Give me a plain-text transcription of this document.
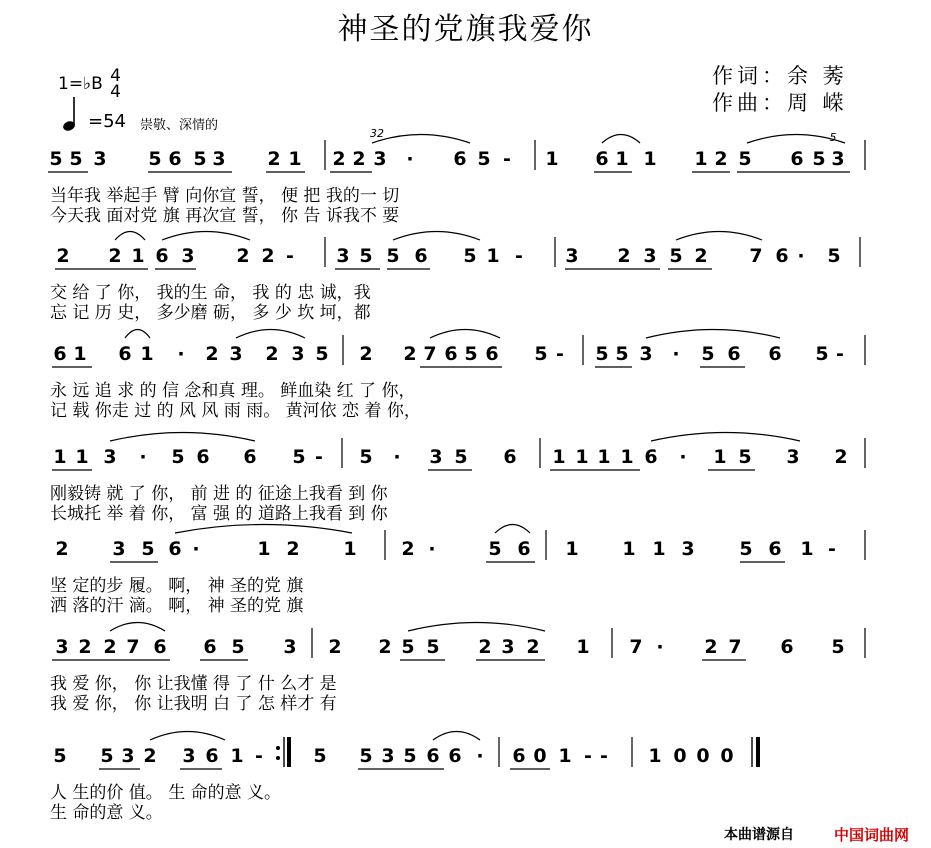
神圣的党旗我爱你
作词：余 莠
作曲：周 嵘
1=♭B 4
4
=54 崇敬、深情的
5 5 3 5 6 5 3 2 1 2 2 3 · 6 5 - 1 6 1 1 1 2 5 6 5 3
32	5
当年我 举起手 臂 向你宣 誓， 便 把 我的一 切
今天我 面对党 旗 再次宣 誓， 你 告 诉我不 要
2 2 1 6 3 2 2 - 3 5 5 6 5 1 - 3 2 3 5 2 7 6 · 5
交 给 了 你， 我的生 命， 我 的 忠 诚，我
忘 记 历 史， 多少磨 砺， 多 少 坎 坷，都
6 1 6 1 · 2 3 2 3 5 2 2 7 6 5 6 5 - 5 5 3 · 5 6 6 5 -
永 远 追 求 的 信 念和真 理。 鲜血染 红 了 你，
记 载 你走 过 的 风 风 雨 雨。 黄河依 恋 着 你，
1 1 3 · 5 6 6 5 - 5 · 3 5 6 1 1 1 1 6 · 1 5 3 2
刚毅铸 就 了 你， 前 进 的 征途上我看 到 你
长城托 举 着 你， 富 强 的 道路上我看 到 你
2 3 5 6 ·	1 2 1 2 ·	5 6 1 1 1 3 5 6 1 -
坚 定的步 履。 啊， 神 圣的党 旗
洒 落的汗 滴。 啊， 神 圣的党 旗
3 2 2 7 6 6 5 3 2 2 5 5 2 3 2 1 7 · 2 7 6 5
我 爱 你， 你 让我懂 得 了 什 么才 是
我 爱 你， 你 让我明 白 了 怎 样才 有
5 5 3 2 3 6 1 -	5 5 3 5 6 6 · 6 0 1 - - 1 0 0 0
人 生的价 值。 生 命的意 义。
生 命的意 义。
本曲谱源自	中国词曲网
